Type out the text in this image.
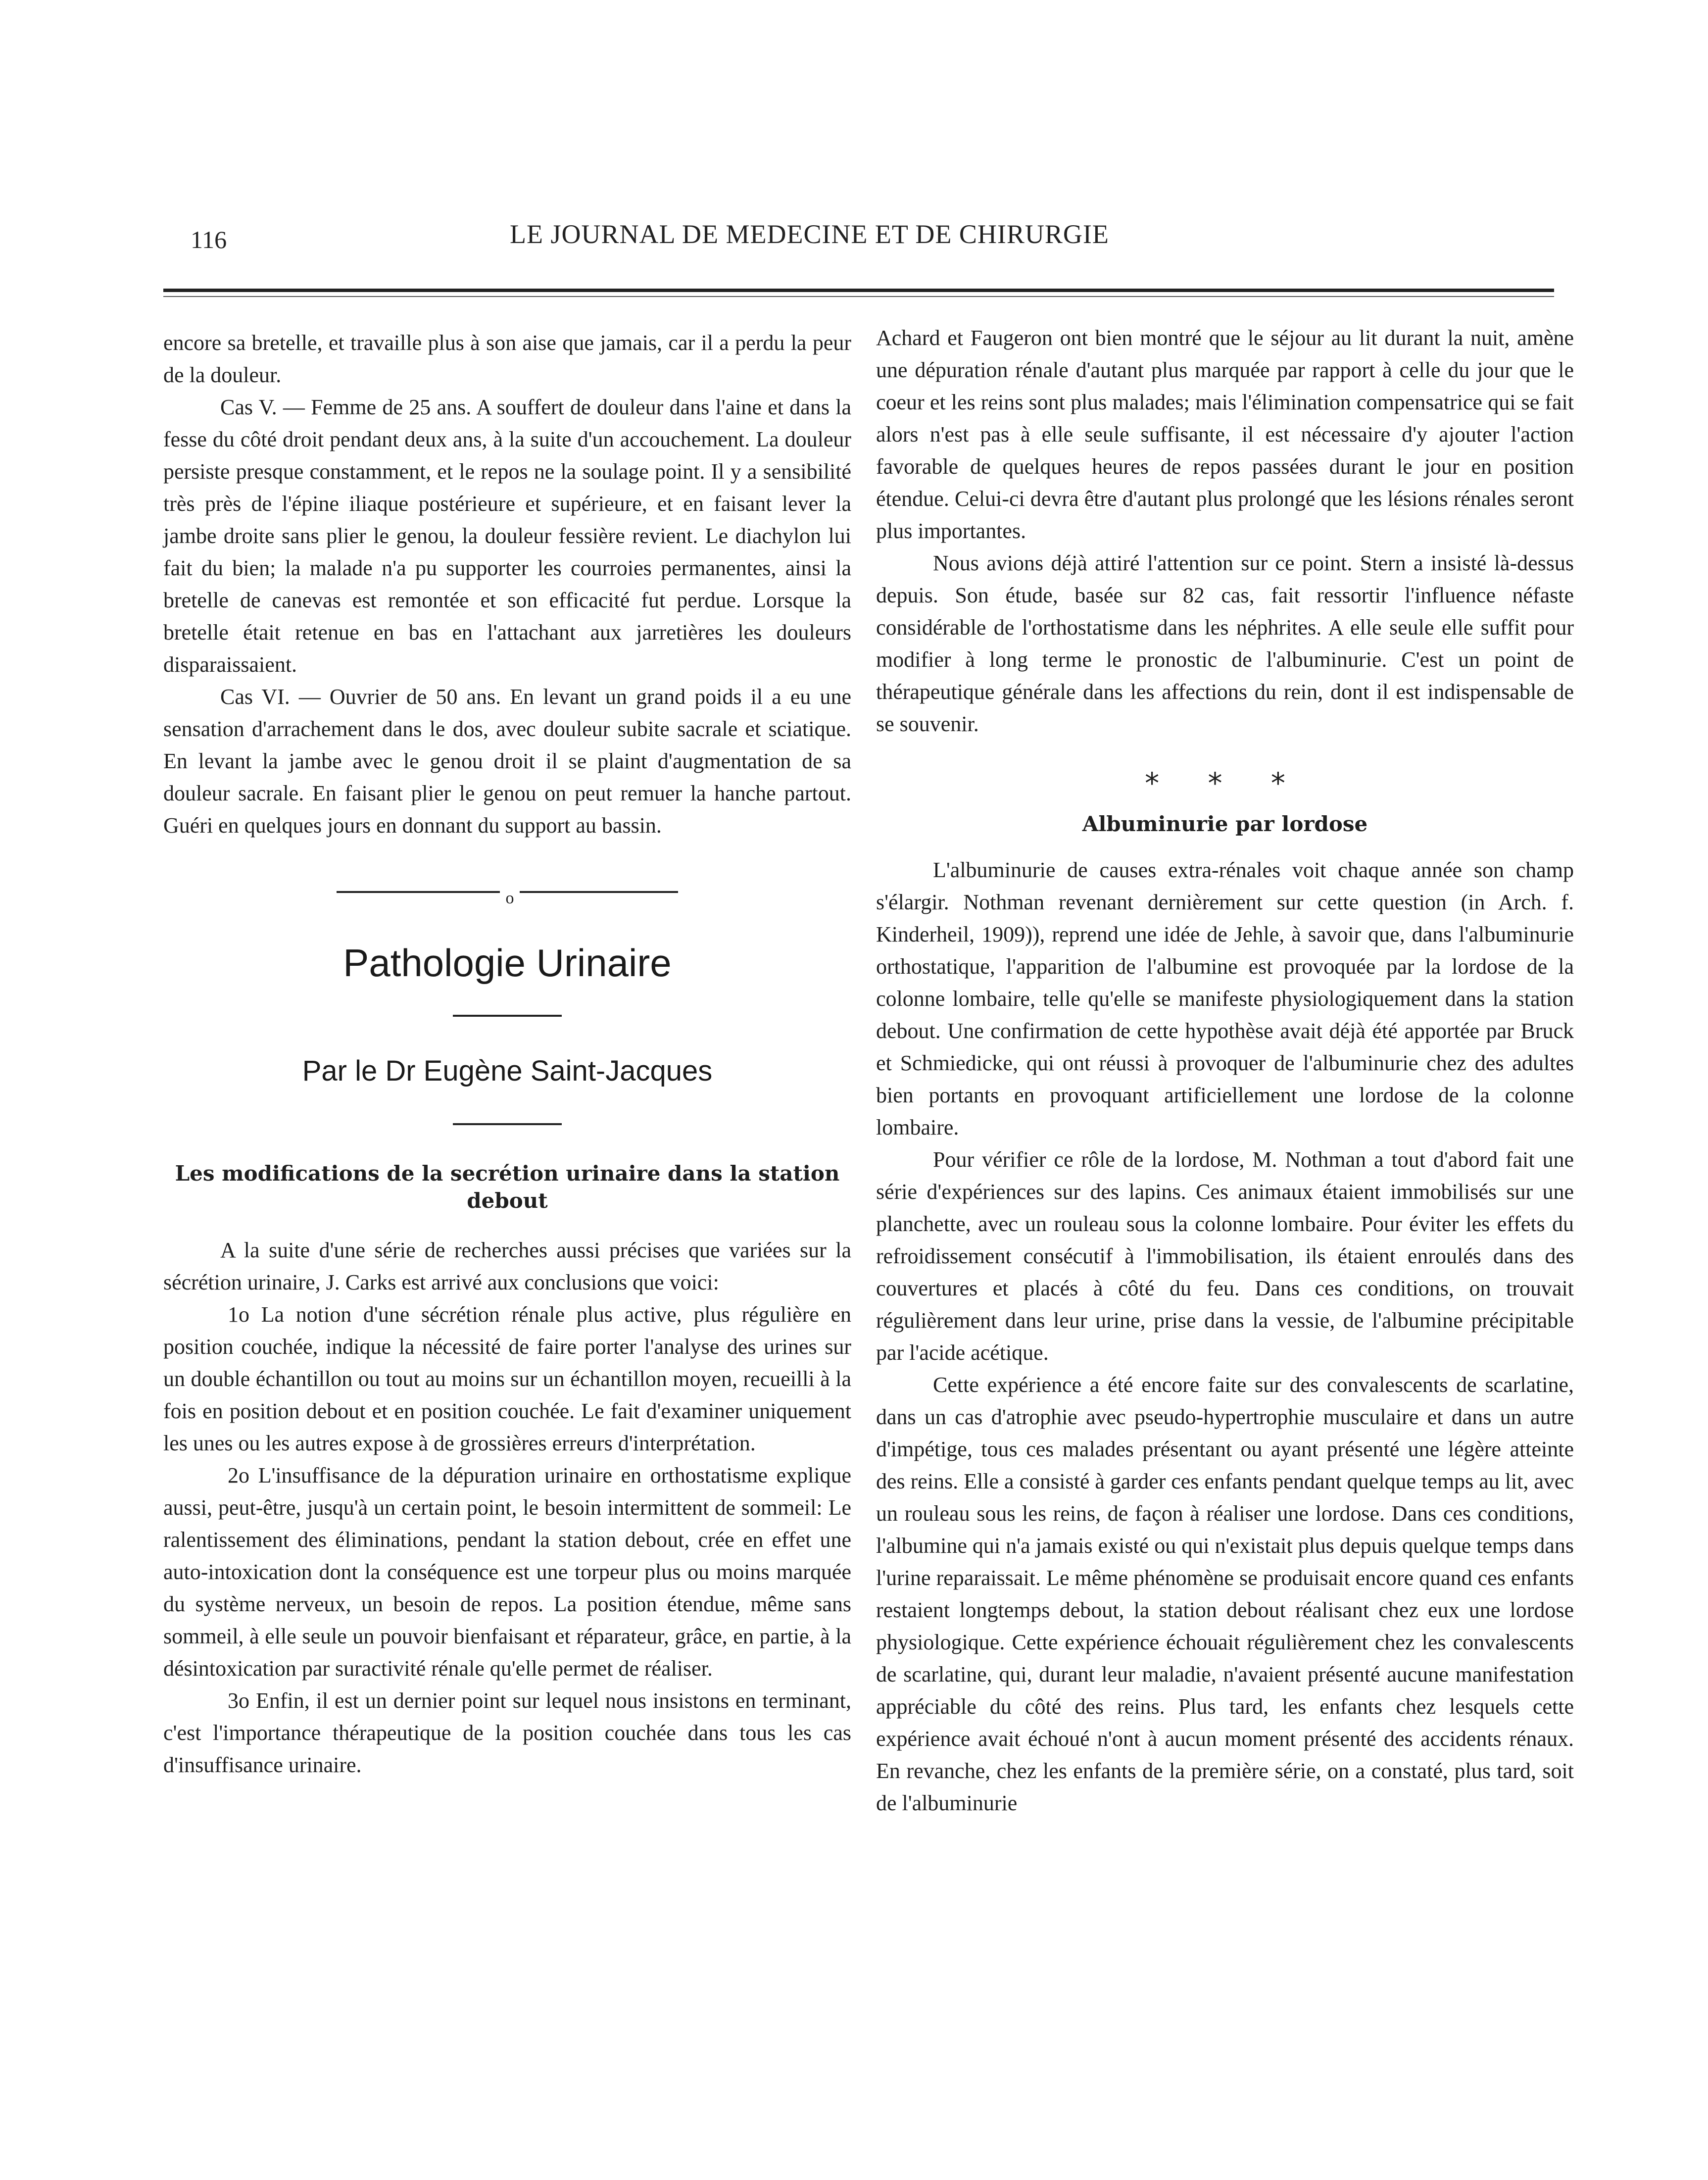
116	LE JOURNAL DE MEDECINE ET DE CHIRURGIE

encore sa bretelle, et travaille plus à son aise que jamais, car il a perdu la peur de la douleur.

Cas V. — Femme de 25 ans. A souffert de douleur dans l'aine et dans la fesse du côté droit pendant deux ans, à la suite d'un accouchement. La douleur persiste presque constamment, et le repos ne la soulage point. Il y a sensibilité très près de l'épine iliaque postérieure et supérieure, et en faisant lever la jambe droite sans plier le genou, la douleur fessière revient. Le diachylon lui fait du bien; la malade n'a pu supporter les courroies permanentes, ainsi la bretelle de canevas est remontée et son efficacité fut perdue. Lorsque la bretelle était retenue en bas en l'attachant aux jarretières les douleurs disparaissaient.

Cas VI. — Ouvrier de 50 ans. En levant un grand poids il a eu une sensation d'arrachement dans le dos, avec douleur subite sacrale et sciatique. En levant la jambe avec le genou droit il se plaint d'augmentation de sa douleur sacrale. En faisant plier le genou on peut remuer la hanche partout. Guéri en quelques jours en donnant du support au bassin.

o
Pathologie Urinaire
Par le Dr Eugène Saint-Jacques
Les modifications de la secrétion urinaire dans la station debout

A la suite d'une série de recherches aussi précises que variées sur la sécrétion urinaire, J. Carks est arrivé aux conclusions que voici:

1o La notion d'une sécrétion rénale plus active, plus régulière en position couchée, indique la nécessité de faire porter l'analyse des urines sur un double échantillon ou tout au moins sur un échantillon moyen, recueilli à la fois en position debout et en position couchée. Le fait d'examiner uniquement les unes ou les autres expose à de grossières erreurs d'interprétation.

2o L'insuffisance de la dépuration urinaire en orthostatisme explique aussi, peut-être, jusqu'à un certain point, le besoin intermittent de sommeil: Le ralentissement des éliminations, pendant la station debout, crée en effet une auto-intoxication dont la conséquence est une torpeur plus ou moins marquée du système nerveux, un besoin de repos. La position étendue, même sans sommeil, à elle seule un pouvoir bienfaisant et réparateur, grâce, en partie, à la désintoxication par suractivité rénale qu'elle permet de réaliser.

3o Enfin, il est un dernier point sur lequel nous insistons en terminant, c'est l'importance thérapeutique de la position couchée dans tous les cas d'insuffisance urinaire.

Achard et Faugeron ont bien montré que le séjour au lit durant la nuit, amène une dépuration rénale d'autant plus marquée par rapport à celle du jour que le coeur et les reins sont plus malades; mais l'élimination compensatrice qui se fait alors n'est pas à elle seule suffisante, il est nécessaire d'y ajouter l'action favorable de quelques heures de repos passées durant le jour en position étendue. Celui-ci devra être d'autant plus prolongé que les lésions rénales seront plus importantes.

Nous avions déjà attiré l'attention sur ce point. Stern a insisté là-dessus depuis. Son étude, basée sur 82 cas, fait ressortir l'influence néfaste considérable de l'orthostatisme dans les néphrites. A elle seule elle suffit pour modifier à long terme le pronostic de l'albuminurie. C'est un point de thérapeutique générale dans les affections du rein, dont il est indispensable de se souvenir.

* * *
Albuminurie par lordose

L'albuminurie de causes extra-rénales voit chaque année son champ s'élargir. Nothman revenant dernièrement sur cette question (in Arch. f. Kinderheil, 1909)), reprend une idée de Jehle, à savoir que, dans l'albuminurie orthostatique, l'apparition de l'albumine est provoquée par la lordose de la colonne lombaire, telle qu'elle se manifeste physiologiquement dans la station debout. Une confirmation de cette hypothèse avait déjà été apportée par Bruck et Schmiedicke, qui ont réussi à provoquer de l'albuminurie chez des adultes bien portants en provoquant artificiellement une lordose de la colonne lombaire.

Pour vérifier ce rôle de la lordose, M. Nothman a tout d'abord fait une série d'expériences sur des lapins. Ces animaux étaient immobilisés sur une planchette, avec un rouleau sous la colonne lombaire. Pour éviter les effets du refroidissement consécutif à l'immobilisation, ils étaient enroulés dans des couvertures et placés à côté du feu. Dans ces conditions, on trouvait régulièrement dans leur urine, prise dans la vessie, de l'albumine précipitable par l'acide acétique.

Cette expérience a été encore faite sur des convalescents de scarlatine, dans un cas d'atrophie avec pseudo-hypertrophie musculaire et dans un autre d'impétige, tous ces malades présentant ou ayant présenté une légère atteinte des reins. Elle a consisté à garder ces enfants pendant quelque temps au lit, avec un rouleau sous les reins, de façon à réaliser une lordose. Dans ces conditions, l'albumine qui n'a jamais existé ou qui n'existait plus depuis quelque temps dans l'urine reparaissait. Le même phénomène se produisait encore quand ces enfants restaient longtemps debout, la station debout réalisant chez eux une lordose physiologique. Cette expérience échouait régulièrement chez les convalescents de scarlatine, qui, durant leur maladie, n'avaient présenté aucune manifestation appréciable du côté des reins. Plus tard, les enfants chez lesquels cette expérience avait échoué n'ont à aucun moment présenté des accidents rénaux. En revanche, chez les enfants de la première série, on a constaté, plus tard, soit de l'albuminurie
